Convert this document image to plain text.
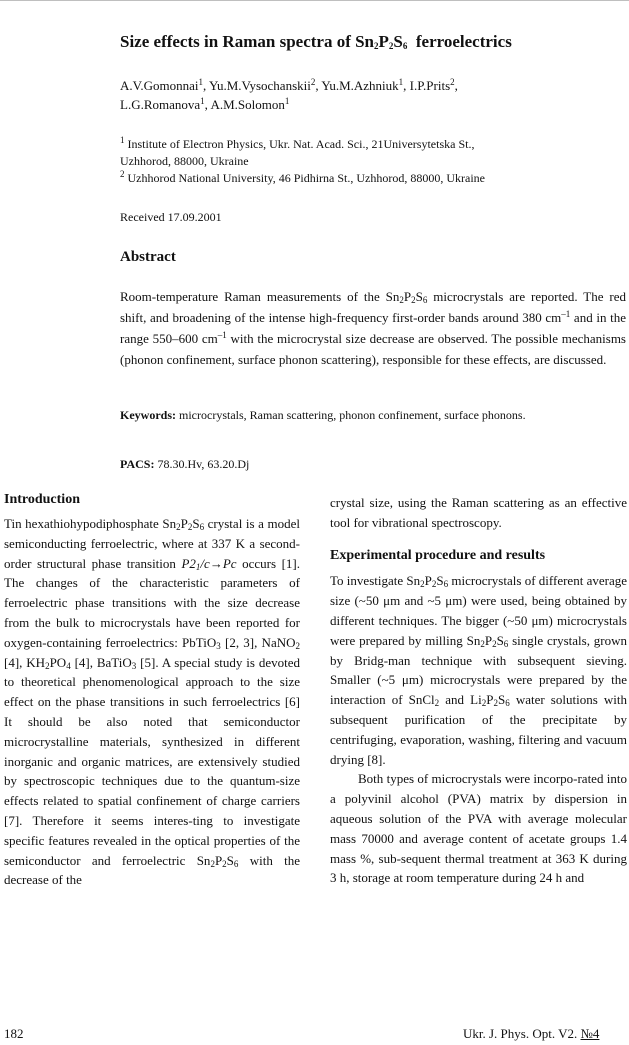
Size effects in Raman spectra of $Sn_2P_2S_6$  ferroelectrics
A.V.Gomonnai$^1$, Yu.M.Vysochanskii$^2$, Yu.M.Azhniuk$^1$, I.P.Prits$^2$,
L.G.Romanova$^1$, A.M.Solomon$^1$
$^1$ Institute of Electron Physics, Ukr. Nat. Acad. Sci., 21Universytetska St.,
Uzhhorod, 88000, Ukraine
$^2$ Uzhhorod National University, 46 Pidhirna St., Uzhhorod, 88000, Ukraine
Received 17.09.2001
Abstract
Room-temperature Raman measurements of the $Sn_2P_2S_6$ microcrystals are reported. The red shift, and broadening of the intense high-frequency first-order bands around 380 $cm^{-1}$ and in the range 550–600 $cm^{-1}$ with the microcrystal size decrease are observed. The possible mechanisms (phonon confinement, surface phonon scattering), responsible for these effects, are discussed.
Keywords: microcrystals, Raman scattering, phonon confinement, surface phonons.
PACS: 78.30.Hv, 63.20.Dj
Introduction
Tin hexathiohypodiphosphate $Sn_2P_2S_6$ crystal is a model semiconducting ferroelectric, where at 337 K a second-order structural phase transition $P2_1/c\to Pc$ occurs [1]. The changes of the characteristic parameters of ferroelectric phase transitions with the size decrease from the bulk to microcrystals have been reported for oxygen-containing ferroelectrics: PbTiO$_3$ [2, 3], NaNO$_2$ [4], $KH_2PO_4$ [4], BaTiO$_3$ [5]. A special study is devoted to theoretical phenomenological approach to the size effect on the phase transitions in such ferroelectrics [6] It should be also noted that semiconductor microcrystalline materials, synthesized in different inorganic and organic matrices, are extensively studied by spectroscopic techniques due to the quantum-size effects related to spatial confinement of charge carriers [7]. Therefore it seems interes-ting to investigate specific features revealed in the optical properties of the semiconductor and ferroelectric $Sn_2P_2S_6$ with the decrease of the
crystal size, using the Raman scattering as an effective tool for vibrational spectroscopy.
Experimental procedure and results
To investigate $Sn_2P_2S_6$ microcrystals of different average size (~50 μm and ~5 μm) were used, being obtained by different techniques. The bigger (~50 μm) microcrystals were prepared by milling $Sn_2P_2S_6$ single crystals, grown by Bridg-man technique with subsequent sieving. Smaller (~5 μm) microcrystals were prepared by the interaction of SnCl$_2$ and $Li_2P_2S_6$ water solutions with subsequent purification of the precipitate by centrifuging, evaporation, washing, filtering and vacuum drying [8].
Both types of microcrystals were incorpo-rated into a polyvinil alcohol (PVA) matrix by dispersion in aqueous solution of the PVA with average molecular mass 70000 and average content of acetate groups 1.4 mass %, sub-sequent thermal treatment at 363 K during 3 h, storage at room temperature during 24 h and
182	Ukr. J. Phys. Opt. V2. №4
